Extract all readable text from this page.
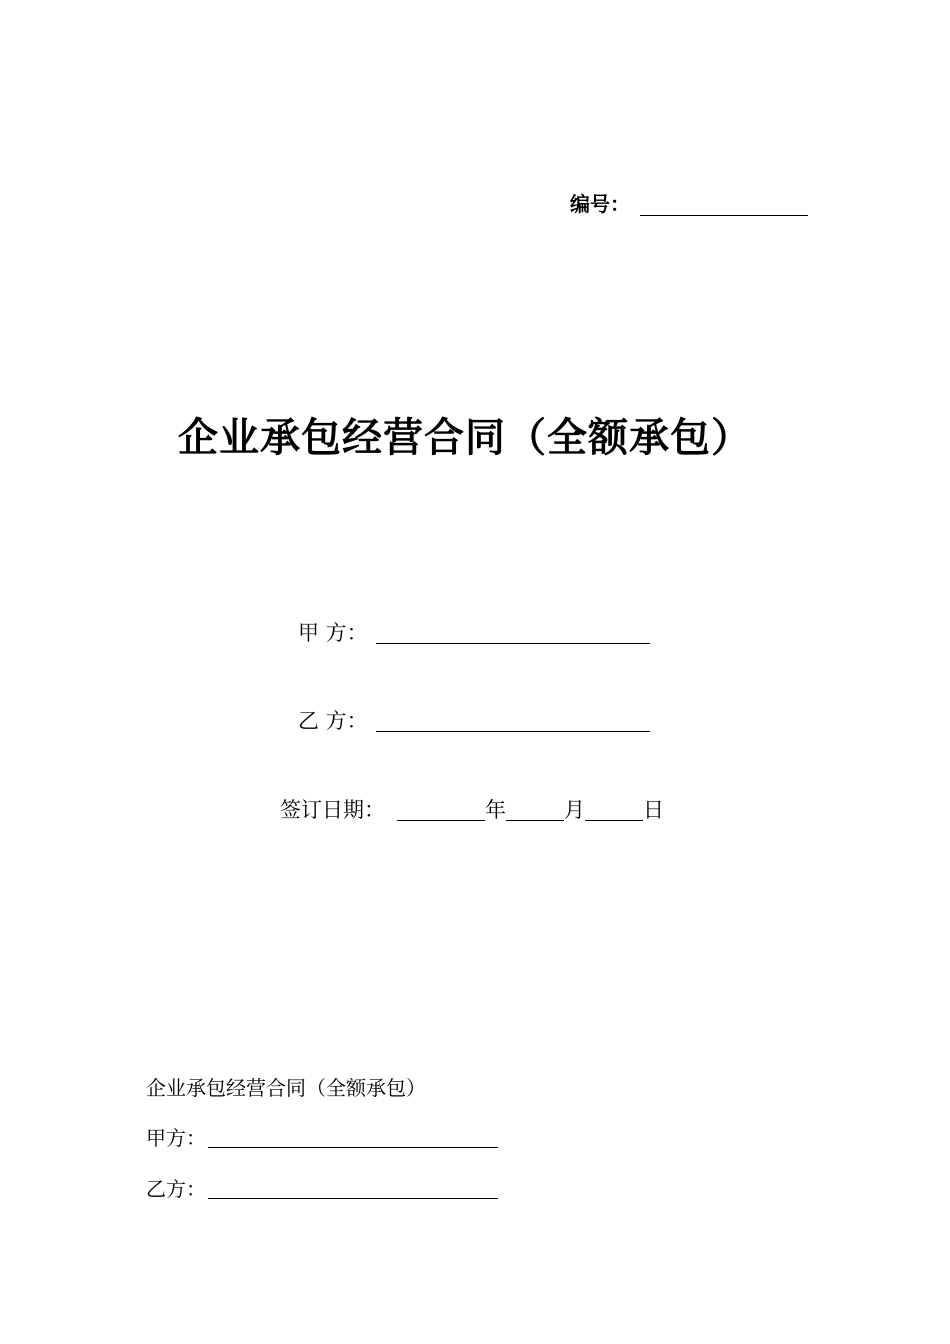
编号：
企业承包经营合同（全额承包）
甲 方：
乙 方：
签订日期：	年	月	日
企业承包经营合同（全额承包）
甲方：
乙方：
